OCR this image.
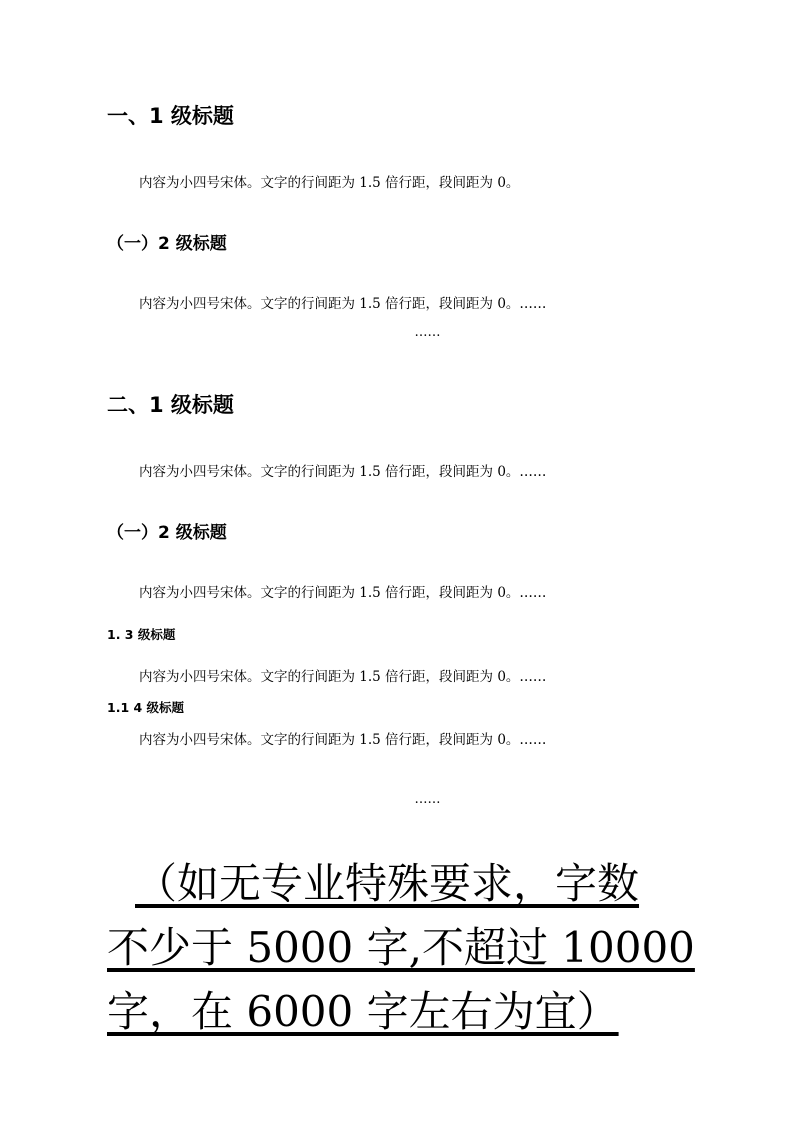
一、1 级标题
内容为小四号宋体。文字的行间距为 1.5 倍行距，段间距为 0。
（一）2 级标题
内容为小四号宋体。文字的行间距为 1.5 倍行距，段间距为 0。……
……
二、1 级标题
内容为小四号宋体。文字的行间距为 1.5 倍行距，段间距为 0。……
（一）2 级标题
内容为小四号宋体。文字的行间距为 1.5 倍行距，段间距为 0。……
1. 3 级标题
内容为小四号宋体。文字的行间距为 1.5 倍行距，段间距为 0。……
1.1 4 级标题
内容为小四号宋体。文字的行间距为 1.5 倍行距，段间距为 0。……
……
（如无专业特殊要求，字数
不少于 5000 字,不超过 10000
字，在 6000 字左右为宜）
